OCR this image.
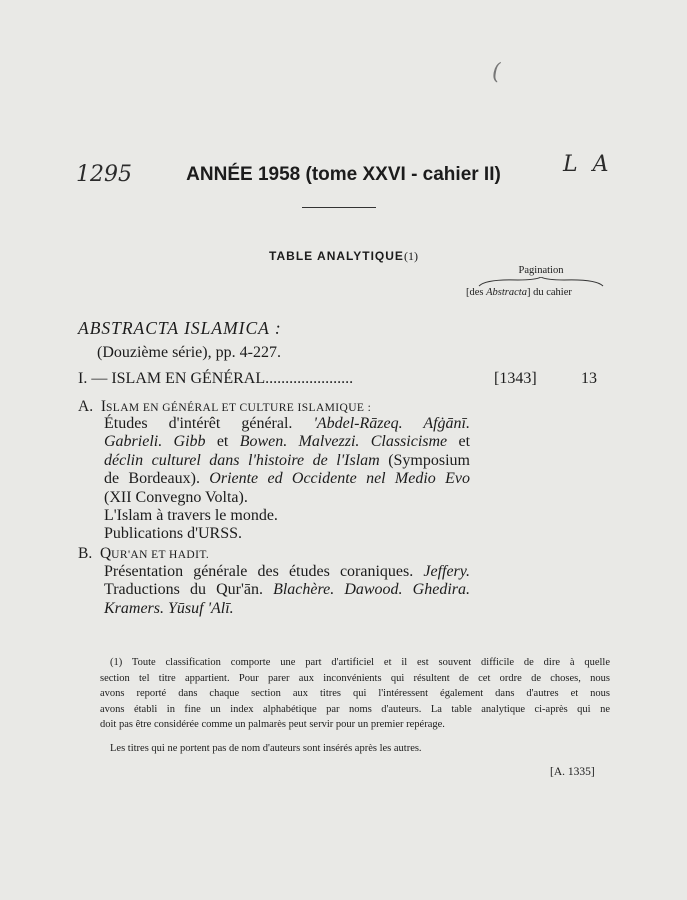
(
1295	L A
ANNÉE 1958 (tome XXVI - cahier II)
TABLE ANALYTIQUE(1)
Pagination
[des Abstracta] du cahier
ABSTRACTA ISLAMICA :
(Douzième série), pp. 4-227.
I. — ISLAM EN GÉNÉRAL......................	[1343]	13
A. ISLAM EN GÉNÉRAL ET CULTURE ISLAMIQUE :
Études d'intérêt général. 'Abdel-Rāzeq. Afġānī.
Gabrieli. Gibb et Bowen. Malvezzi. Classicisme et
déclin culturel dans l'histoire de l'Islam (Symposium
de Bordeaux). Oriente ed Occidente nel Medio Evo
(XII Convegno Volta).
L'Islam à travers le monde.
Publications d'URSS.
B. QUR'AN ET HADIT.
Présentation générale des études coraniques. Jeffery.
Traductions du Qur'ān. Blachère. Dawood. Ghedira.
Kramers. Yūsuf 'Alī.
(1) Toute classification comporte une part d'artificiel et il est souvent difficile de dire à quelle
section tel titre appartient. Pour parer aux inconvénients qui résultent de cet ordre de choses, nous
avons reporté dans chaque section aux titres qui l'intéressent également dans d'autres et nous
avons établi in fine un index alphabétique par noms d'auteurs. La table analytique ci-après qui ne
doit pas être considérée comme un palmarès peut servir pour un premier repérage.
Les titres qui ne portent pas de nom d'auteurs sont insérés après les autres.
[A. 1335]
